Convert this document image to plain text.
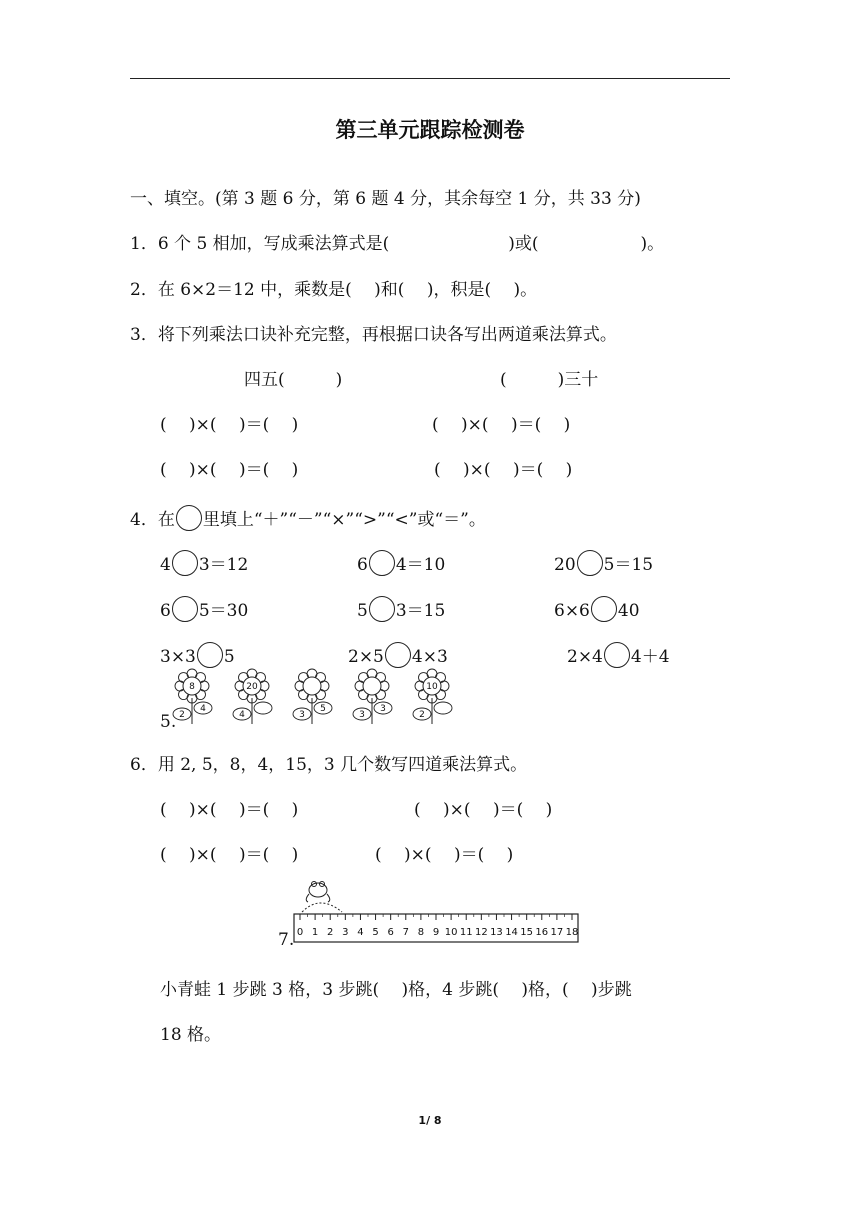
第三单元跟踪检测卷
一、填空。(第 3 题 6 分，第 6 题 4 分，其余每空 1 分，共 33 分)
1．6 个 5 相加，写成乘法算式是(　　　　　　　)或(　　　　　　)。
2．在 6×2＝12 中，乘数是(　 )和(　 )，积是(　 )。
3．将下列乘法口诀补充完整，再根据口诀各写出两道乘法算式。
四五(　　　)	(　　　)三十
(　 )×(　 )＝(　 )	(　 )×(　 )＝(　 )
(　 )×(　 )＝(　 )	(　 )×(　 )＝(　 )
4．在 里填上“＋”“－”“×”“>”“<”或“＝”。
4 3＝12	6 4＝10	20 5＝15
6 5＝30	5 3＝15	6×6 40
3×3 5	2×5 4×3	2×4 4＋4
5.
8
2
4
20
4	3
5
3
3
10
2
6．用 2, 5，8，4，15，3 几个数写四道乘法算式。
(　 )×(　 )＝(　 )	(　 )×(　 )＝(　 )
(　 )×(　 )＝(　 )	(　 )×(　 )＝(　 )
7. 0 1 2 3 4 5 6 7 8 9 10 11 12 13 14 15 16 17 18
小青蛙 1 步跳 3 格，3 步跳(　 )格，4 步跳(　 )格，(　 )步跳
18 格。
1/ 8
